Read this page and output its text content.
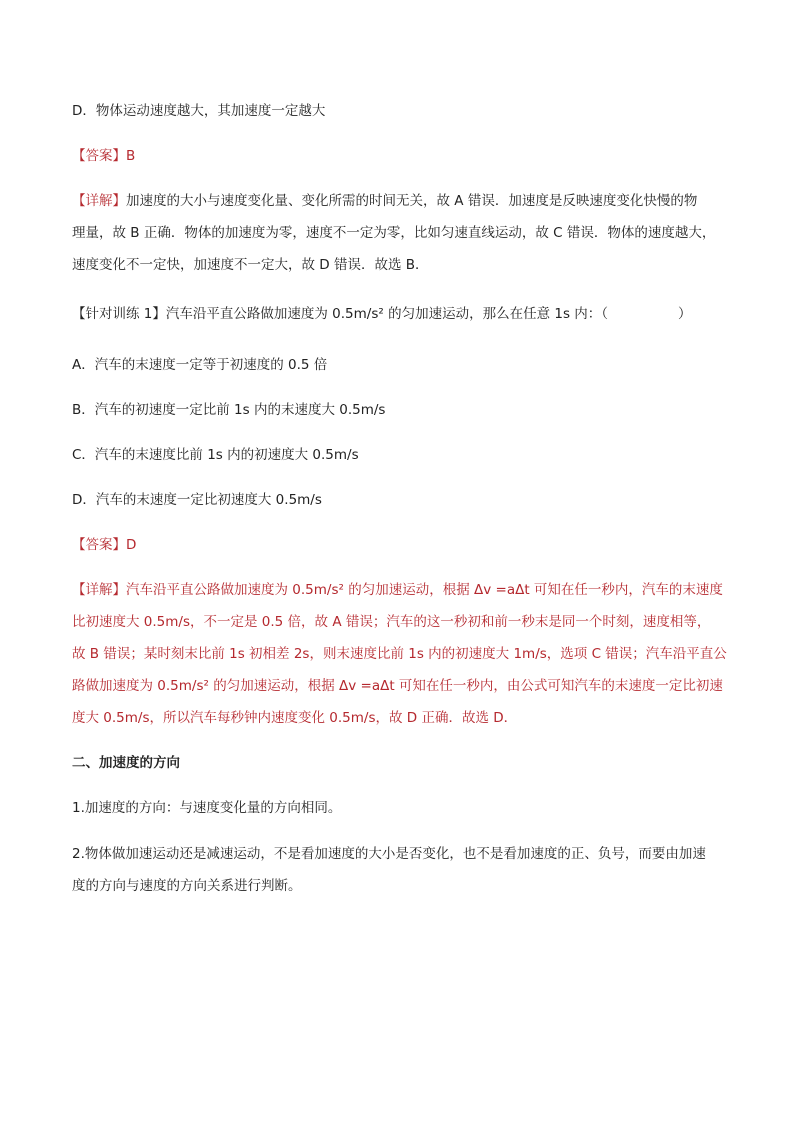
D．物体运动速度越大，其加速度一定越大
【答案】B
【详解】加速度的大小与速度变化量、变化所需的时间无关，故 A 错误．加速度是反映速度变化快慢的物
理量，故 B 正确．物体的加速度为零，速度不一定为零，比如匀速直线运动，故 C 错误．物体的速度越大，
速度变化不一定快，加速度不一定大，故 D 错误．故选 B．
【针对训练 1】汽车沿平直公路做加速度为 0.5m/s² 的匀加速运动，那么在任意 1s 内：（	）
A．汽车的末速度一定等于初速度的 0.5 倍
B．汽车的初速度一定比前 1s 内的末速度大 0.5m/s
C．汽车的末速度比前 1s 内的初速度大 0.5m/s
D．汽车的末速度一定比初速度大 0.5m/s
【答案】D
【详解】汽车沿平直公路做加速度为 0.5m/s² 的匀加速运动，根据 Δv =aΔt 可知在任一秒内，汽车的末速度
比初速度大 0.5m/s，不一定是 0.5 倍，故 A 错误；汽车的这一秒初和前一秒末是同一个时刻，速度相等，
故 B 错误；某时刻末比前 1s 初相差 2s，则末速度比前 1s 内的初速度大 1m/s，选项 C 错误；汽车沿平直公
路做加速度为 0.5m/s² 的匀加速运动，根据 Δv =aΔt 可知在任一秒内，由公式可知汽车的末速度一定比初速
度大 0.5m/s，所以汽车每秒钟内速度变化 0.5m/s，故 D 正确．故选 D．
二、加速度的方向
1.加速度的方向：与速度变化量的方向相同。
2.物体做加速运动还是减速运动，不是看加速度的大小是否变化，也不是看加速度的正、负号，而要由加速
度的方向与速度的方向关系进行判断。
